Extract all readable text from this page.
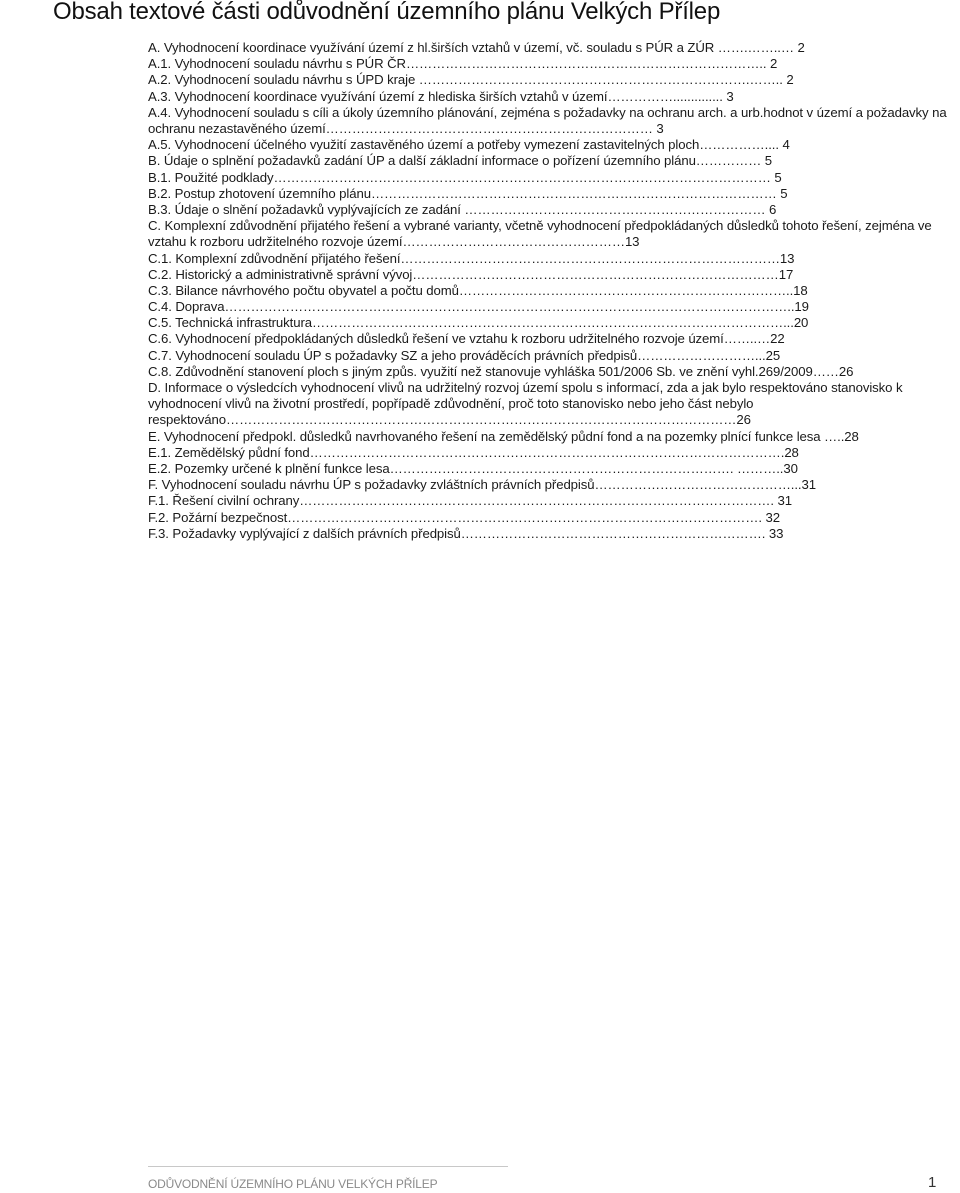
Obsah textové části odůvodnění územního plánu Velkých Přílep
A. Vyhodnocení koordinace využívání území z hl.širších vztahů v území, vč. souladu s PÚR a ZÚR …….……..… 2
A.1. Vyhodnocení souladu návrhu s PÚR ČR……………………………………………………………………….. 2
A.2. Vyhodnocení souladu návrhu s ÚPD kraje ………………………………………………………………….…….. 2
A.3. Vyhodnocení koordinace využívání území z hlediska širších vztahů v území…………….............. 3
A.4. Vyhodnocení souladu s cíli a úkoly územního plánování, zejména s požadavky na ochranu arch. a urb.hodnot v území a požadavky na ochranu nezastavěného území………………………………………………………………… 3
A.5. Vyhodnocení účelného využití zastavěného území a potřeby vymezení zastavitelných ploch…………….... 4
B. Údaje o splnění požadavků zadání ÚP a další základní informace o pořízení územního plánu…………… 5
B.1. Použité podklady…………………………………………………………………………………………………… 5
B.2. Postup zhotovení územního plánu………………………………………………………………………………… 5
B.3. Údaje o slnění požadavků vyplývajících ze zadání …………………………………………………………… 6
C. Komplexní zdůvodnění přijatého řešení a vybrané varianty, včetně vyhodnocení předpokládaných důsledků tohoto řešení, zejména ve vztahu k rozboru udržitelného rozvoje území……………………………………………13
C.1. Komplexní zdůvodnění přijatého řešení……………………………………………………………………………13
C.2. Historický a administrativně správní vývoj…………………………………………………………………………17
C.3. Bilance návrhového počtu obyvatel a počtu domů…………………………………………………………………..18
C.4. Doprava…………………………………………………………………………………………………………………..19
C.5. Technická infrastruktura………………………………………………………………………………………………...20
C.6. Vyhodnocení předpokládaných důsledků řešení ve vztahu k rozboru udržitelného rozvoje území……..…22
C.7. Vyhodnocení souladu ÚP s požadavky SZ a jeho prováděcích právních předpisů………………………...25
C.8. Zdůvodnění stanovení ploch s jiným způs. využití než stanovuje vyhláška 501/2006 Sb. ve znění vyhl.269/2009……26
D. Informace o výsledcích vyhodnocení vlivů na udržitelný rozvoj území spolu s informací, zda a jak bylo respektováno stanovisko k vyhodnocení vlivů na životní prostředí, popřípadě zdůvodnění, proč toto stanovisko nebo jeho část nebylo respektováno………………………………………………………………………………………………………26
E. Vyhodnocení předpokl. důsledků navrhovaného řešení na zemědělský půdní fond a na pozemky plnící funkce lesa …..28
E.1. Zemědělský půdní fond……………………………………………………………………………………………….28
E.2. Pozemky určené k plnění funkce lesa……………………………………………………………………. ………..30
F. Vyhodnocení souladu návrhu ÚP s požadavky zvláštních právních předpisů………………………………………...31
F.1. Řešení civilní ochrany………………………………………………………………………………………………. 31
F.2. Požární bezpečnost………………………………………………………………………………………………. 32
F.3. Požadavky vyplývající z dalších právních předpisů……………………………………………………………. 33
ODŮVODNĚNÍ ÚZEMNÍHO PLÁNU VELKÝCH PŘÍLEP	1
